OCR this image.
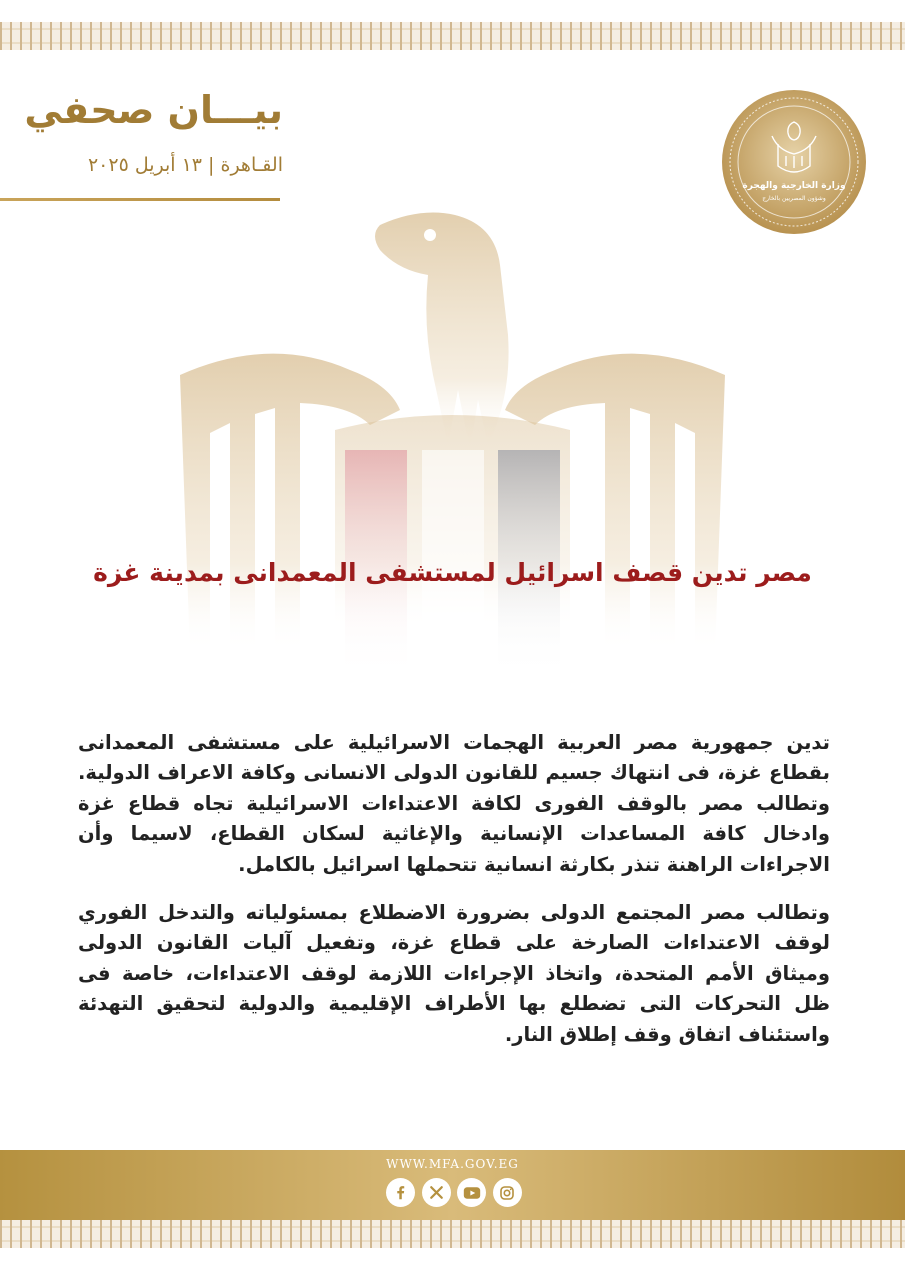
بيـــان صحفي
القـاهرة | ١٣ أبريل ٢٠٢٥
وزارة الخارجية والهجرة
وشؤون المصريين بالخارج
مصر تدين قصف اسرائيل لمستشفى المعمدانى بمدينة غزة

تدين جمهورية مصر العربية الهجمات الاسرائيلية على مستشفى المعمدانى بقطاع غزة، فى انتهاك جسيم للقانون الدولى الانسانى وكافة الاعراف الدولية. وتطالب مصر بالوقف الفورى لكافة الاعتداءات الاسرائيلية تجاه قطاع غزة وادخال كافة المساعدات الإنسانية والإغاثية لسكان القطاع، لاسيما وأن الاجراءات الراهنة تنذر بكارثة انسانية تتحملها اسرائيل بالكامل.

وتطالب مصر المجتمع الدولى بضرورة الاضطلاع بمسئولياته والتدخل الفوري لوقف الاعتداءات الصارخة على قطاع غزة، وتفعيل آليات القانون الدولى وميثاق الأمم المتحدة، واتخاذ الإجراءات اللازمة لوقف الاعتداءات، خاصة فى ظل التحركات التى تضطلع بها الأطراف الإقليمية والدولية لتحقيق التهدئة واستئناف اتفاق وقف إطلاق النار.

WWW.MFA.GOV.EG
